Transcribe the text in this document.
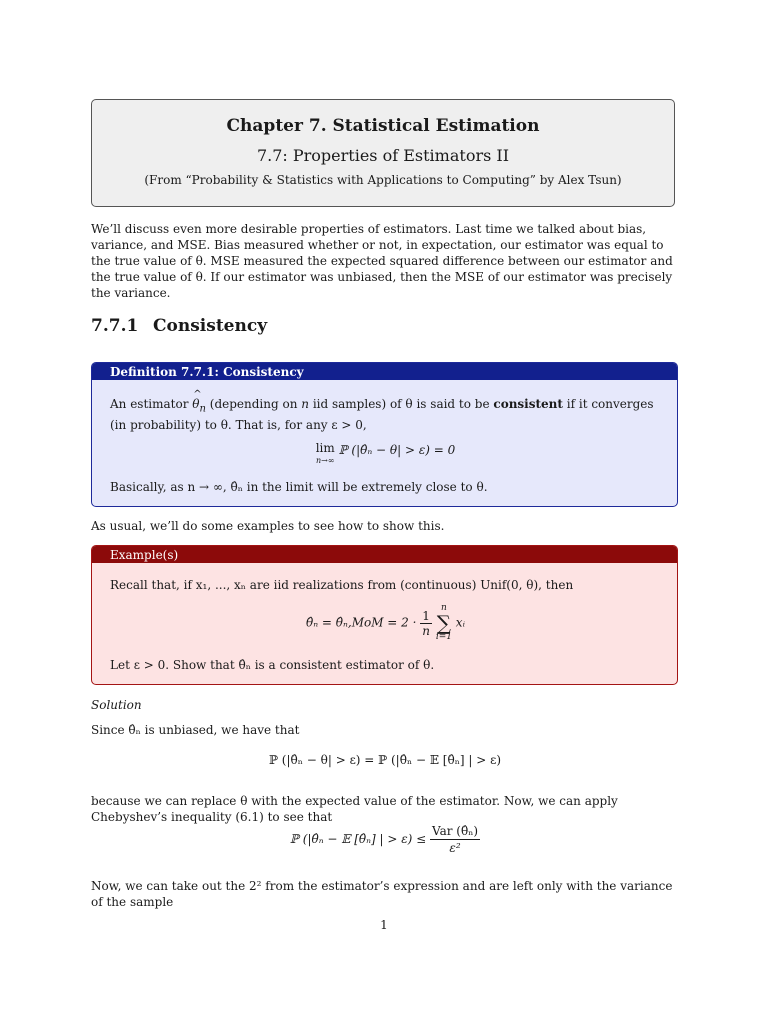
Chapter 7. Statistical Estimation
7.7: Properties of Estimators II
(From “Probability & Statistics with Applications to Computing” by Alex Tsun)
We’ll discuss even more desirable properties of estimators. Last time we talked about bias, variance, and MSE. Bias measured whether or not, in expectation, our estimator was equal to the true value of θ. MSE measured the expected squared difference between our estimator and the true value of θ. If our estimator was unbiased, then the MSE of our estimator was precisely the variance.
7.7.1 Consistency
Definition 7.7.1: Consistency
An estimator ^ $\theta_n$ (depending on n iid samples) of θ is said to be consistent if it converges (in probability) to θ. That is, for any ε > 0,
lim
n→∞ ℙ (|θ̂ₙ − θ| > ε) = 0
Basically, as n → ∞, θ̂ₙ in the limit will be extremely close to θ.
As usual, we’ll do some examples to see how to show this.
Example(s)
Recall that, if x₁, ..., xₙ are iid realizations from (continuous) Unif(0, θ), then
θ̂ₙ = θ̂ₙ,MoM = $2 \cdot \frac{1}{n}$
n
∑
i=1 xᵢ
Let ε > 0. Show that θ̂ₙ is a consistent estimator of θ.
Solution
Since θ̂ₙ is unbiased, we have that
ℙ (|θ̂ₙ − θ| > ε) = ℙ (|θ̂ₙ − 𝔼 [θ̂ₙ] | > ε)
because we can replace θ with the expected value of the estimator. Now, we can apply Chebyshev’s inequality (6.1) to see that
ℙ (|θ̂ₙ − 𝔼 [θ̂ₙ] | > $\varepsilon) \le \frac{\text{Var (θ̂ₙ)}}{\text{ε²}}$
Now, we can take out the 2² from the estimator’s expression and are left only with the variance of the sample
1
